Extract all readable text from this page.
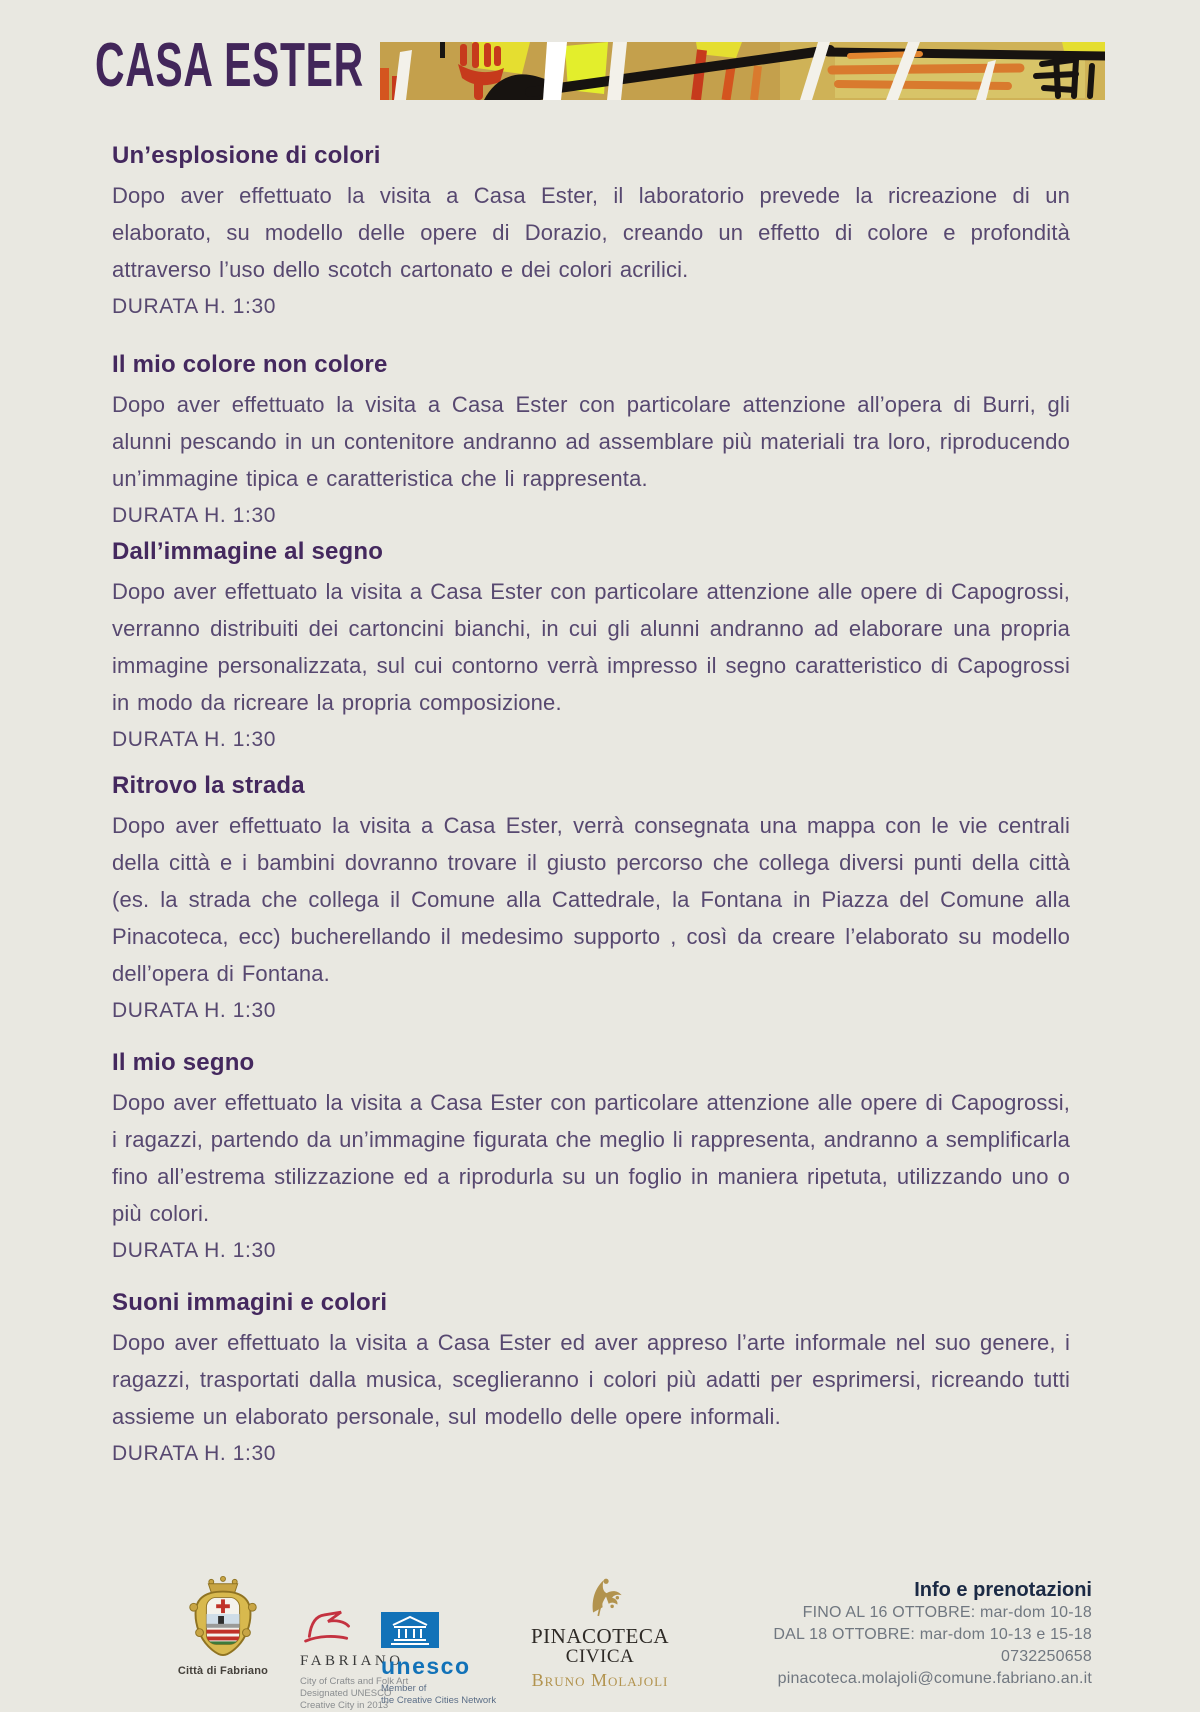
CASA ESTER
Un’esplosione di colori

Dopo aver effettuato la visita a Casa Ester, il laboratorio prevede la ricreazione di un elaborato, su modello delle opere di Dorazio, creando un effetto di colore e profondità attraverso l’uso dello scotch cartonato e dei colori acrilici.

DURATA H. 1:30
Il mio colore non colore

Dopo aver effettuato la visita a Casa Ester con particolare attenzione all’opera di Burri, gli alunni pescando in un contenitore andranno ad assemblare più materiali tra loro, riproducendo un’immagine tipica e caratteristica che li rappresenta.

DURATA H. 1:30
Dall’immagine al segno

Dopo aver effettuato la visita a Casa Ester con particolare attenzione alle opere di Capogrossi, verranno distribuiti dei cartoncini bianchi, in cui gli alunni andranno ad elaborare una propria immagine personalizzata, sul cui contorno verrà impresso il segno caratteristico di Capogrossi in modo da ricreare la propria composizione.

DURATA H. 1:30
Ritrovo la strada

Dopo aver effettuato la visita a Casa Ester, verrà consegnata una mappa con le vie centrali della città e i bambini dovranno trovare il giusto percorso che collega diversi punti della città (es. la strada che collega il Comune alla Cattedrale, la Fontana in Piazza del Comune alla Pinacoteca, ecc) bucherellando il medesimo supporto , così da creare l’elaborato su modello dell’opera di Fontana.

DURATA H. 1:30
Il mio segno

Dopo aver effettuato la visita a Casa Ester con particolare attenzione alle opere di Capogrossi, i ragazzi, partendo da un’immagine figurata che meglio li rappresenta, andranno a semplificarla fino all’estrema stilizzazione ed a riprodurla su un foglio in maniera ripetuta, utilizzando uno o più colori.

DURATA H. 1:30
Suoni immagini e colori

Dopo aver effettuato la visita a Casa Ester ed aver appreso l’arte informale nel suo genere, i ragazzi, trasportati dalla musica, sceglieranno i colori più adatti per esprimersi, ricreando tutti assieme un elaborato personale, sul modello delle opere informali.

DURATA H. 1:30
Città di Fabriano
FABRIANO
City of Crafts and Folk Art
Designated UNESCO
Creative City in 2013
unesco
Member of
the Creative Cities Network
PINACOTECA
CIVICA
Bruno Molajoli
Info e prenotazioni
FINO AL 16 OTTOBRE: mar-dom 10-18
DAL 18 OTTOBRE: mar-dom 10-13 e 15-18
0732250658
pinacoteca.molajoli@comune.fabriano.an.it
